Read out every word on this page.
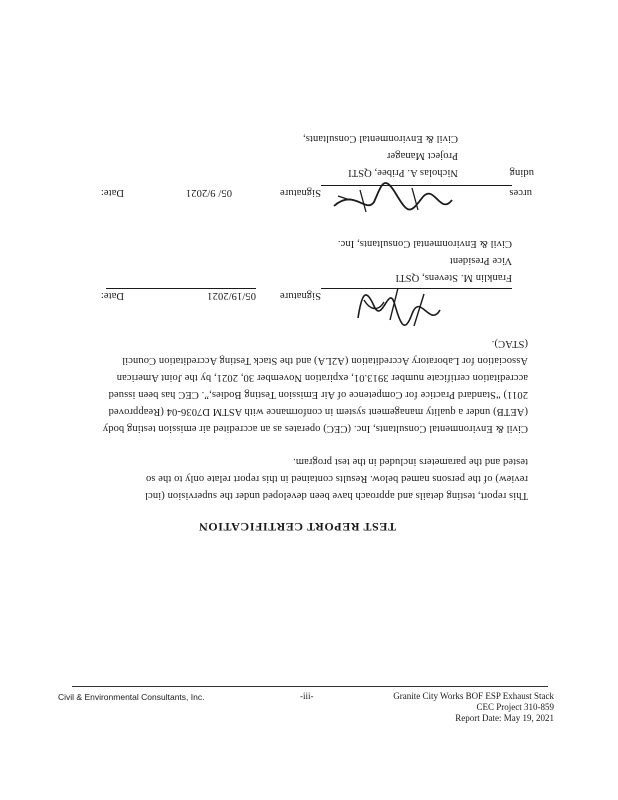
TEST REPORT CERTIFICATION
This report, testing details and approach have been developed under the supervision (incl
review) of the persons named below. Results contained in this report relate only to the so
tested and the parameters included in the test program.
Civil & Environmental Consultants, Inc. (CEC) operates as an accredited air emission testing body
(AETB) under a quality management system in conformance with ASTM D7036-04 (Reapproved
2011) “Standard Practice for Competence of Air Emission Testing Bodies,”. CEC has been issued
accreditation certificate number 3913.01, expiration November 30, 2021, by the Joint American
Association for Laboratory Accreditation (A2LA) and the Stack Testing Accreditation Council
(STAC).
Signature
05/19/2021
Date:
Franklin M. Stevens, QSTI
Vice President
Civil & Environmental Consultants, Inc.
Signature
05/ 9/2021
Date:	urces
uding
Nicholas A. Pribee, QSTI
Project Manager
Civil & Environmental Consultants,
Civil & Environmental Consultants, Inc.	-iii-	Granite City Works BOF ESP Exhaust Stack
CEC Project 310-859
Report Date: May 19, 2021
